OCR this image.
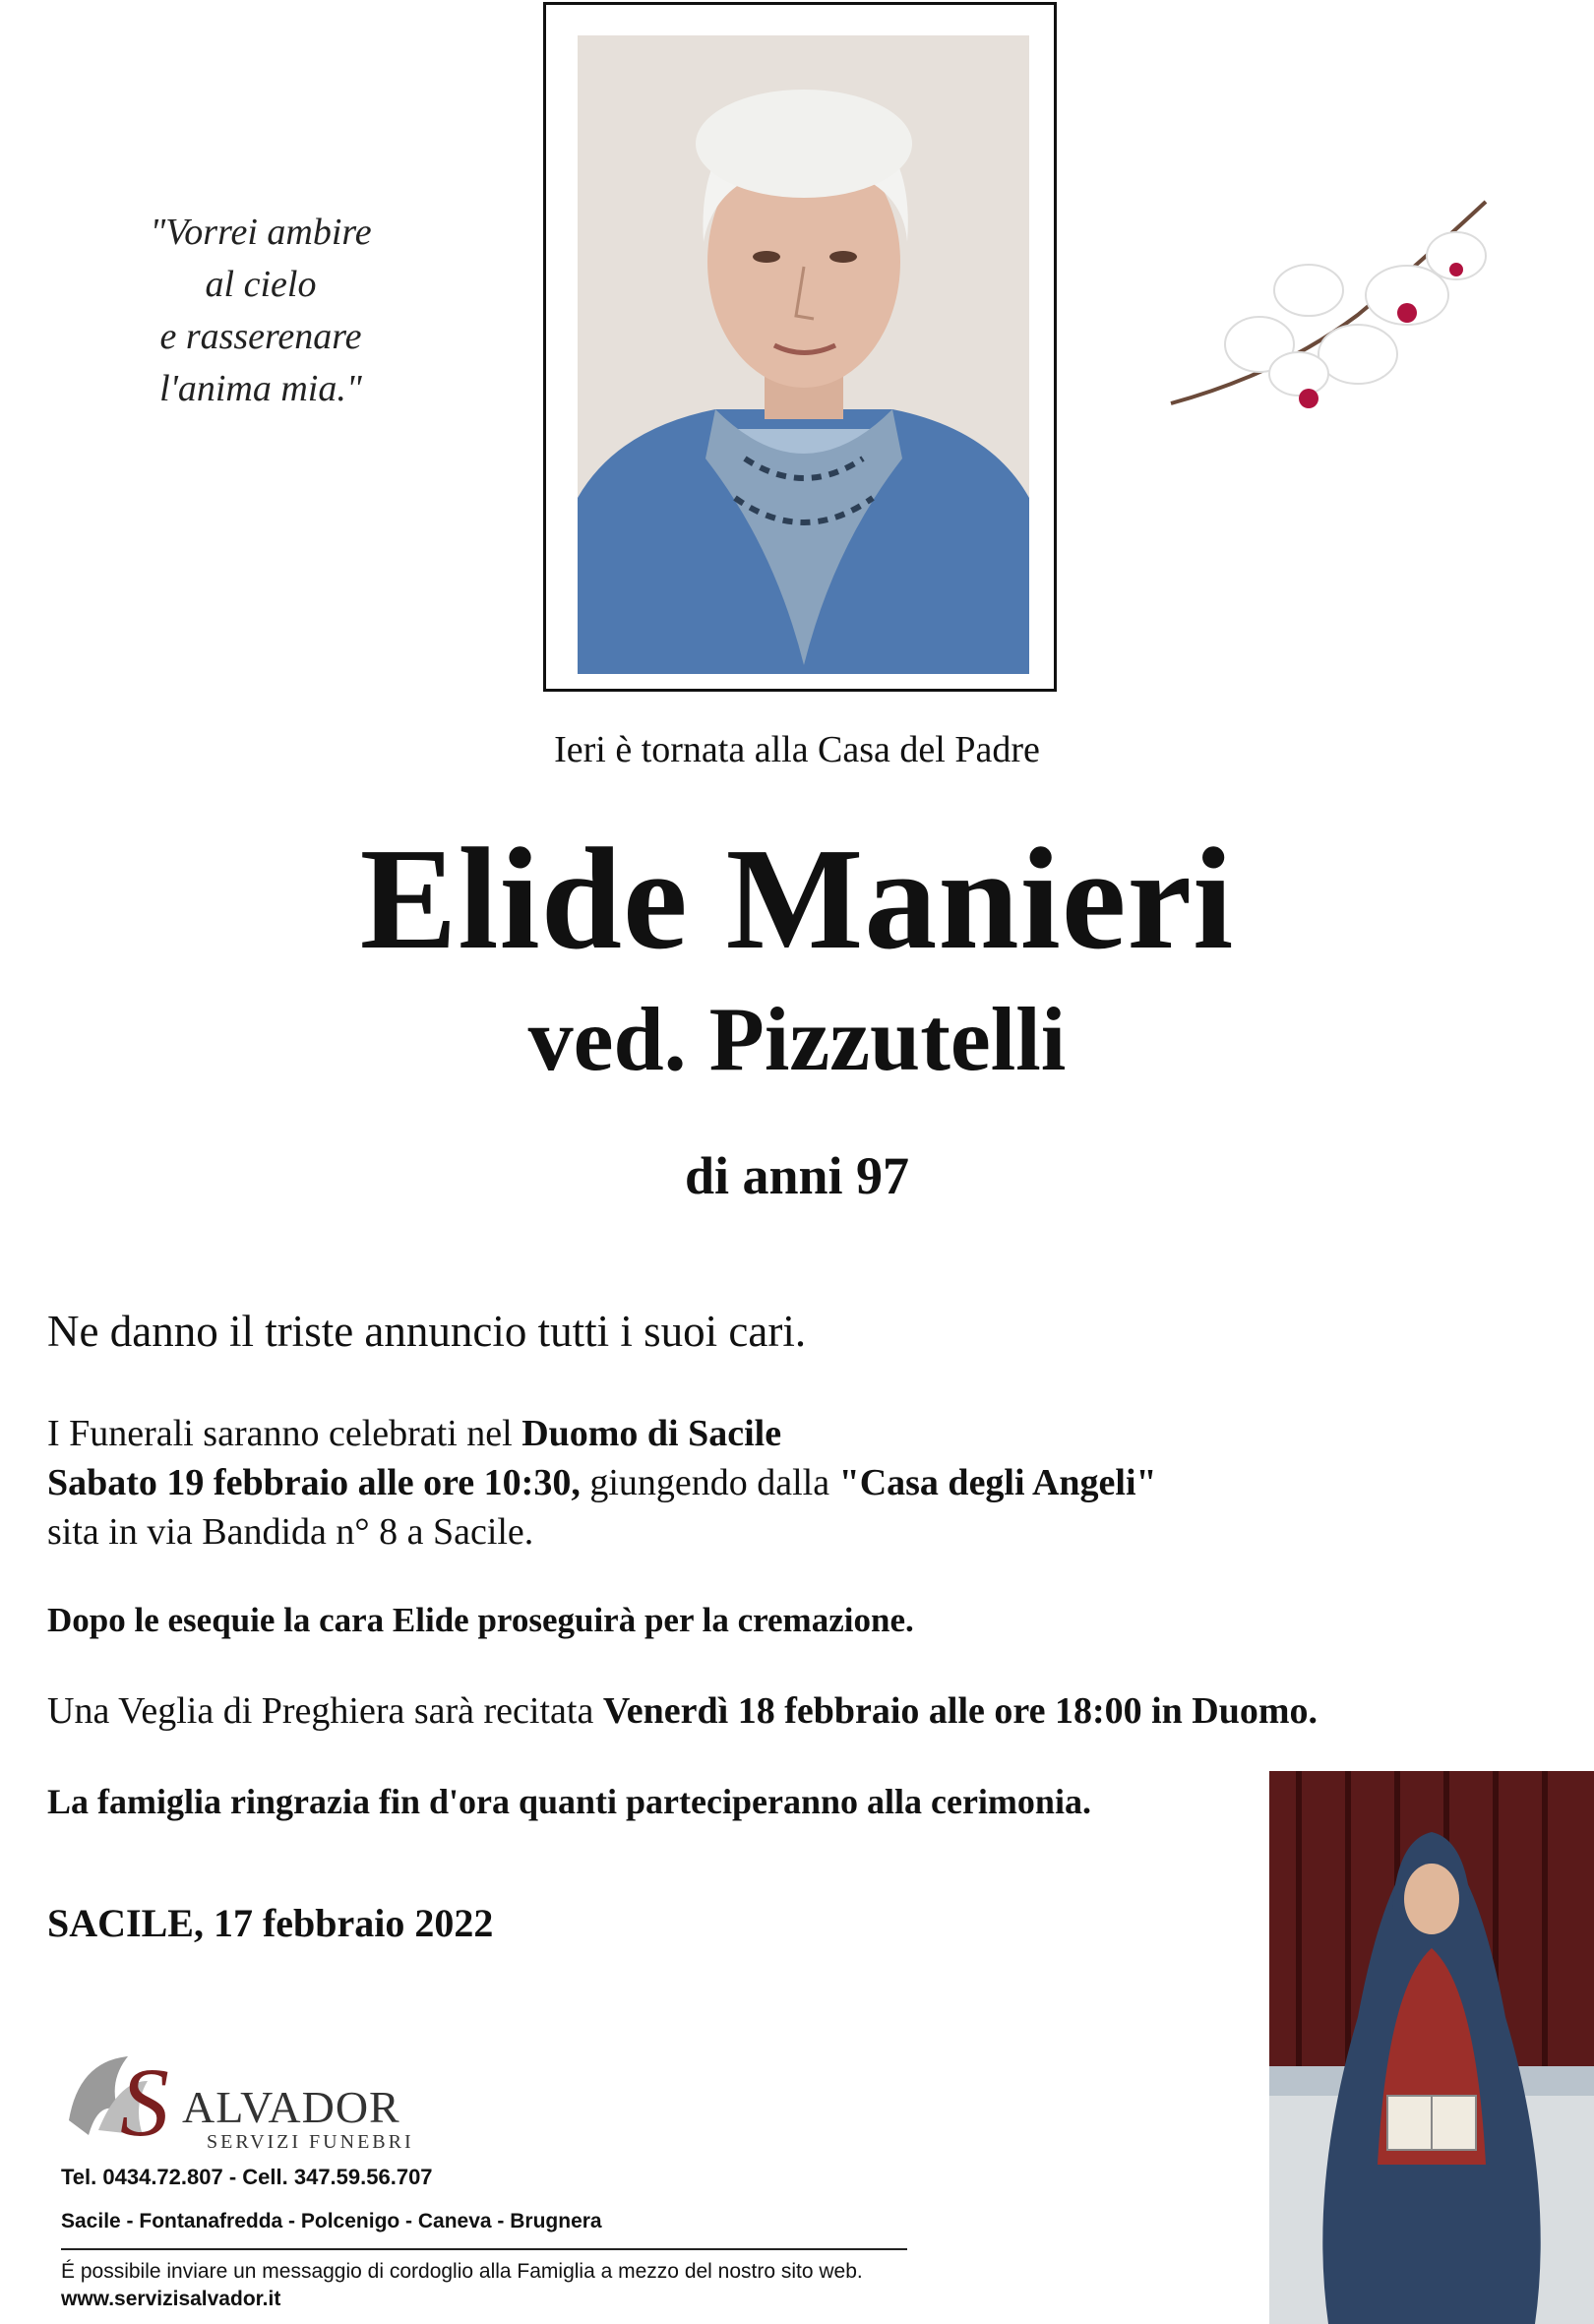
"Vorrei ambire
al cielo
e rasserenare
l'anima mia."
Ieri è tornata alla Casa del Padre
Elide Manieri
ved. Pizzutelli
di anni 97
Ne danno il triste annuncio tutti i suoi cari.
I Funerali saranno celebrati nel Duomo di Sacile
Sabato 19 febbraio alle ore 10:30, giungendo dalla "Casa degli Angeli"
sita in via Bandida n° 8 a Sacile.
Dopo le esequie la cara Elide proseguirà per la cremazione.
Una Veglia di Preghiera sarà recitata Venerdì 18 febbraio alle ore 18:00 in Duomo.
La famiglia ringrazia fin d'ora quanti parteciperanno alla cerimonia.
SACILE, 17 febbraio 2022
S ALVADOR
SERVIZI FUNEBRI
Tel. 0434.72.807 - Cell. 347.59.56.707
Sacile - Fontanafredda - Polcenigo - Caneva - Brugnera
É possibile inviare un messaggio di cordoglio alla Famiglia a mezzo del nostro sito web.
www.servizisalvador.it
